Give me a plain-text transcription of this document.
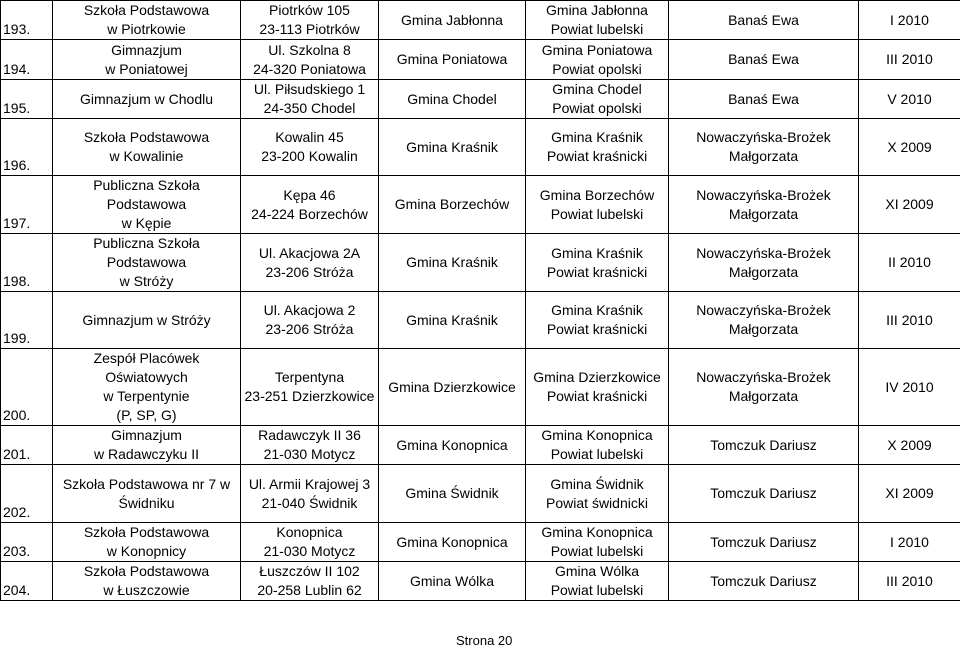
193.	Szkoła Podstawowa
w Piotrkowie	Piotrków 105
23-113 Piotrków	Gmina Jabłonna	Gmina Jabłonna
Powiat lubelski	Banaś Ewa	I 2010
194.	Gimnazjum
w Poniatowej	Ul. Szkolna 8
24-320 Poniatowa	Gmina Poniatowa	Gmina Poniatowa
Powiat opolski	Banaś Ewa	III 2010
195.	Gimnazjum w Chodlu	Ul. Piłsudskiego 1
24-350 Chodel	Gmina Chodel	Gmina Chodel
Powiat opolski	Banaś Ewa	V 2010
196.	Szkoła Podstawowa
w Kowalinie	Kowalin 45
23-200 Kowalin	Gmina Kraśnik	Gmina Kraśnik
Powiat kraśnicki	Nowaczyńska-Brożek
Małgorzata	X 2009
197.	Publiczna Szkoła
Podstawowa
w Kępie	Kępa 46
24-224 Borzechów	Gmina Borzechów	Gmina Borzechów
Powiat lubelski	Nowaczyńska-Brożek
Małgorzata	XI 2009
198.	Publiczna Szkoła
Podstawowa
w Stróży	Ul. Akacjowa 2A
23-206 Stróża	Gmina Kraśnik	Gmina Kraśnik
Powiat kraśnicki	Nowaczyńska-Brożek
Małgorzata	II 2010
199.	Gimnazjum w Stróży	Ul. Akacjowa 2
23-206 Stróża	Gmina Kraśnik	Gmina Kraśnik
Powiat kraśnicki	Nowaczyńska-Brożek
Małgorzata	III 2010
200.	Zespół Placówek
Oświatowych
w Terpentynie
(P, SP, G)	Terpentyna
23-251 Dzierzkowice	Gmina Dzierzkowice	Gmina Dzierzkowice
Powiat kraśnicki	Nowaczyńska-Brożek
Małgorzata	IV 2010
201.	Gimnazjum
w Radawczyku II	Radawczyk II 36
21-030 Motycz	Gmina Konopnica	Gmina Konopnica
Powiat lubelski	Tomczuk Dariusz	X 2009
202.	Szkoła Podstawowa nr 7 w
Świdniku	Ul. Armii Krajowej 3
21-040 Świdnik	Gmina Świdnik	Gmina Świdnik
Powiat świdnicki	Tomczuk Dariusz	XI 2009
203.	Szkoła Podstawowa
w Konopnicy	Konopnica
21-030 Motycz	Gmina Konopnica	Gmina Konopnica
Powiat lubelski	Tomczuk Dariusz	I 2010
204.	Szkoła Podstawowa
w Łuszczowie	Łuszczów II 102
20-258 Lublin 62	Gmina Wólka	Gmina Wólka
Powiat lubelski	Tomczuk Dariusz	III 2010
Strona 20
